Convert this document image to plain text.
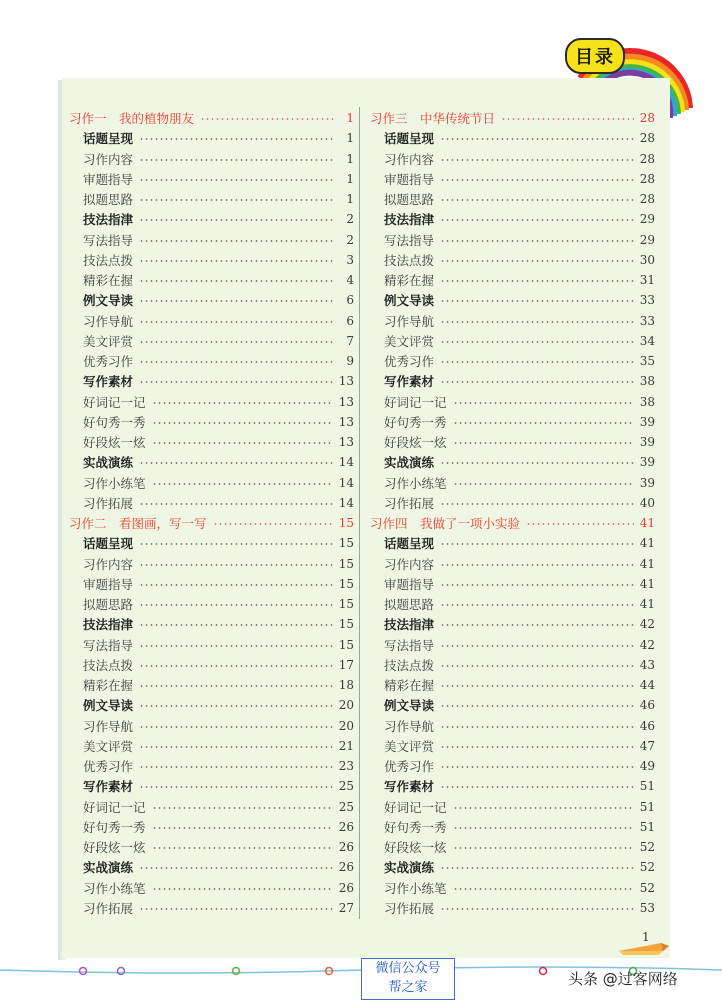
目录
习作一　我的植物朋友	1
话题呈现	1
习作内容	1
审题指导	1
拟题思路	1
技法指津	2
写法指导	2
技法点拨	3
精彩在握	4
例文导读	6
习作导航	6
美文评赏	7
优秀习作	9
写作素材	13
好词记一记	13
好句秀一秀	13
好段炫一炫	13
实战演练	14
习作小练笔	14
习作拓展	14
习作二　看图画，写一写	15
话题呈现	15
习作内容	15
审题指导	15
拟题思路	15
技法指津	15
写法指导	15
技法点拨	17
精彩在握	18
例文导读	20
习作导航	20
美文评赏	21
优秀习作	23
写作素材	25
好词记一记	25
好句秀一秀	26
好段炫一炫	26
实战演练	26
习作小练笔	26
习作拓展	27
习作三　中华传统节日	28
话题呈现	28
习作内容	28
审题指导	28
拟题思路	28
技法指津	29
写法指导	29
技法点拨	30
精彩在握	31
例文导读	33
习作导航	33
美文评赏	34
优秀习作	35
写作素材	38
好词记一记	38
好句秀一秀	39
好段炫一炫	39
实战演练	39
习作小练笔	39
习作拓展	40
习作四　我做了一项小实验	41
话题呈现	41
习作内容	41
审题指导	41
拟题思路	41
技法指津	42
写法指导	42
技法点拨	43
精彩在握	44
例文导读	46
习作导航	46
美文评赏	47
优秀习作	49
写作素材	51
好词记一记	51
好句秀一秀	51
好段炫一炫	52
实战演练	52
习作小练笔	52
习作拓展	53
1
微信公众号
帮之家	头条 @过客网络
